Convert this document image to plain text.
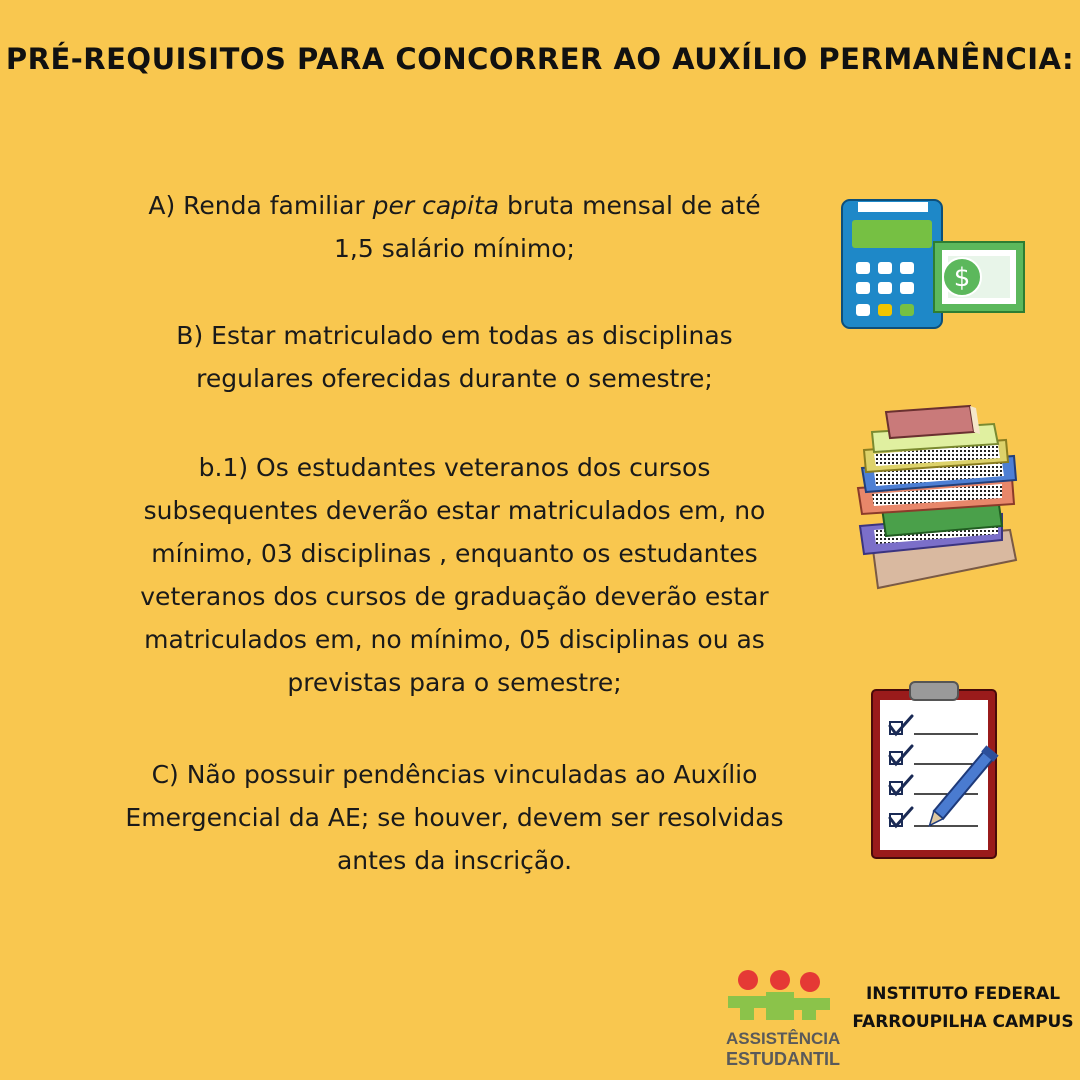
PRÉ-REQUISITOS PARA CONCORRER AO AUXÍLIO PERMANÊNCIA:

A) Renda familiar per capita bruta mensal de até

1,5 salário mínimo;

B) Estar matriculado em todas as disciplinas

regulares oferecidas durante o semestre;

b.1) Os estudantes veteranos dos cursos

subsequentes deverão estar matriculados em, no

mínimo, 03 disciplinas , enquanto os estudantes

veteranos dos cursos de graduação deverão estar

matriculados em, no mínimo, 05 disciplinas ou as

previstas para o semestre;

C) Não possuir pendências vinculadas ao Auxílio

Emergencial da AE; se houver, devem ser resolvidas

antes da inscrição.

$
ASSISTÊNCIA
ESTUDANTIL
INSTITUTO FEDERAL
FARROUPILHA CAMPUS
